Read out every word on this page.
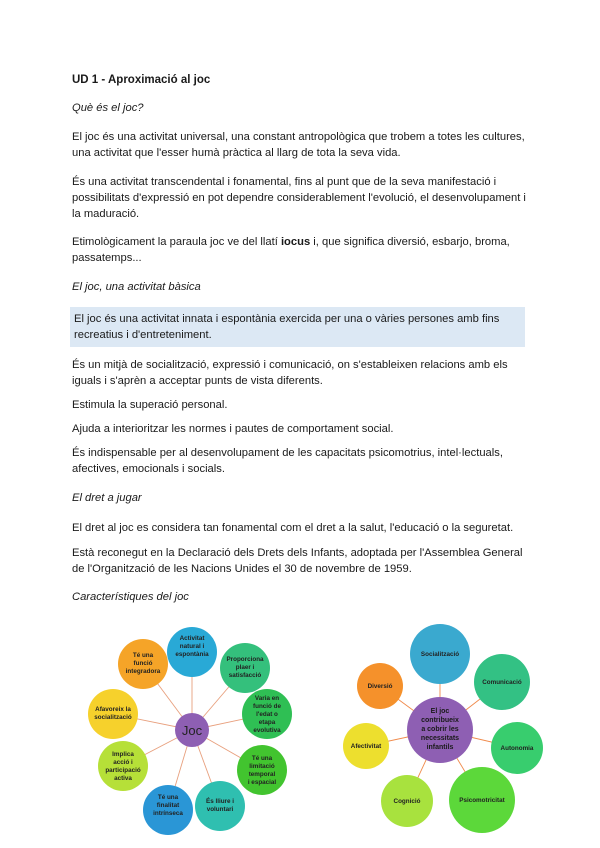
UD 1 - Aproximació al joc

Què és el joc?

El joc és una activitat universal, una constant antropològica que trobem a totes les cultures,

una activitat que l'esser humà pràctica al llarg de tota la seva vida.

És una activitat transcendental i fonamental, fins al punt que de la seva manifestació i

possibilitats d'expressió en pot dependre considerablement l'evolució, el desenvolupament i

la maduració.

Etimològicament la paraula joc ve del llatí iocus i, que significa diversió, esbarjo, broma,

passatemps...

El joc, una activitat bàsica

El joc és una activitat innata i espontània exercida per una o vàries persones amb fins

recreatius i d'entreteniment.

És un mitjà de socialització, expressió i comunicació, on s'estableixen relacions amb els

iguals i s'aprèn a acceptar punts de vista diferents.

Estimula la superació personal.

Ajuda a interioritzar les normes i pautes de comportament social.

És indispensable per al desenvolupament de les capacitats psicomotrius, intel·lectuals,

afectives, emocionals i socials.

El dret a jugar

El dret al joc es considera tan fonamental com el dret a la salut, l'educació o la seguretat.

Està reconegut en la Declaració dels Drets dels Infants, adoptada per l'Assemblea General

de l'Organització de les Nacions Unides el 30 de novembre de 1959.

Característiques del joc

Activitat
natural i
espontània
Proporciona
plaer i
satisfacció
Varia en
funció de
l'edat o
etapa
evolutiva
Té una
limitació
temporal
i espacial
És lliure i
voluntari
Té una
finalitat
intrínseca
Implica
acció i
participació
activa
Afavoreix la
socialització
Té una
funció
integradora
Joc
Socialització
Comunicació
Autonomia
Psicomotricitat
Cognició
Afectivitat
Diversió
El joc
contribueix
a cobrir les
necessitats
infantils
